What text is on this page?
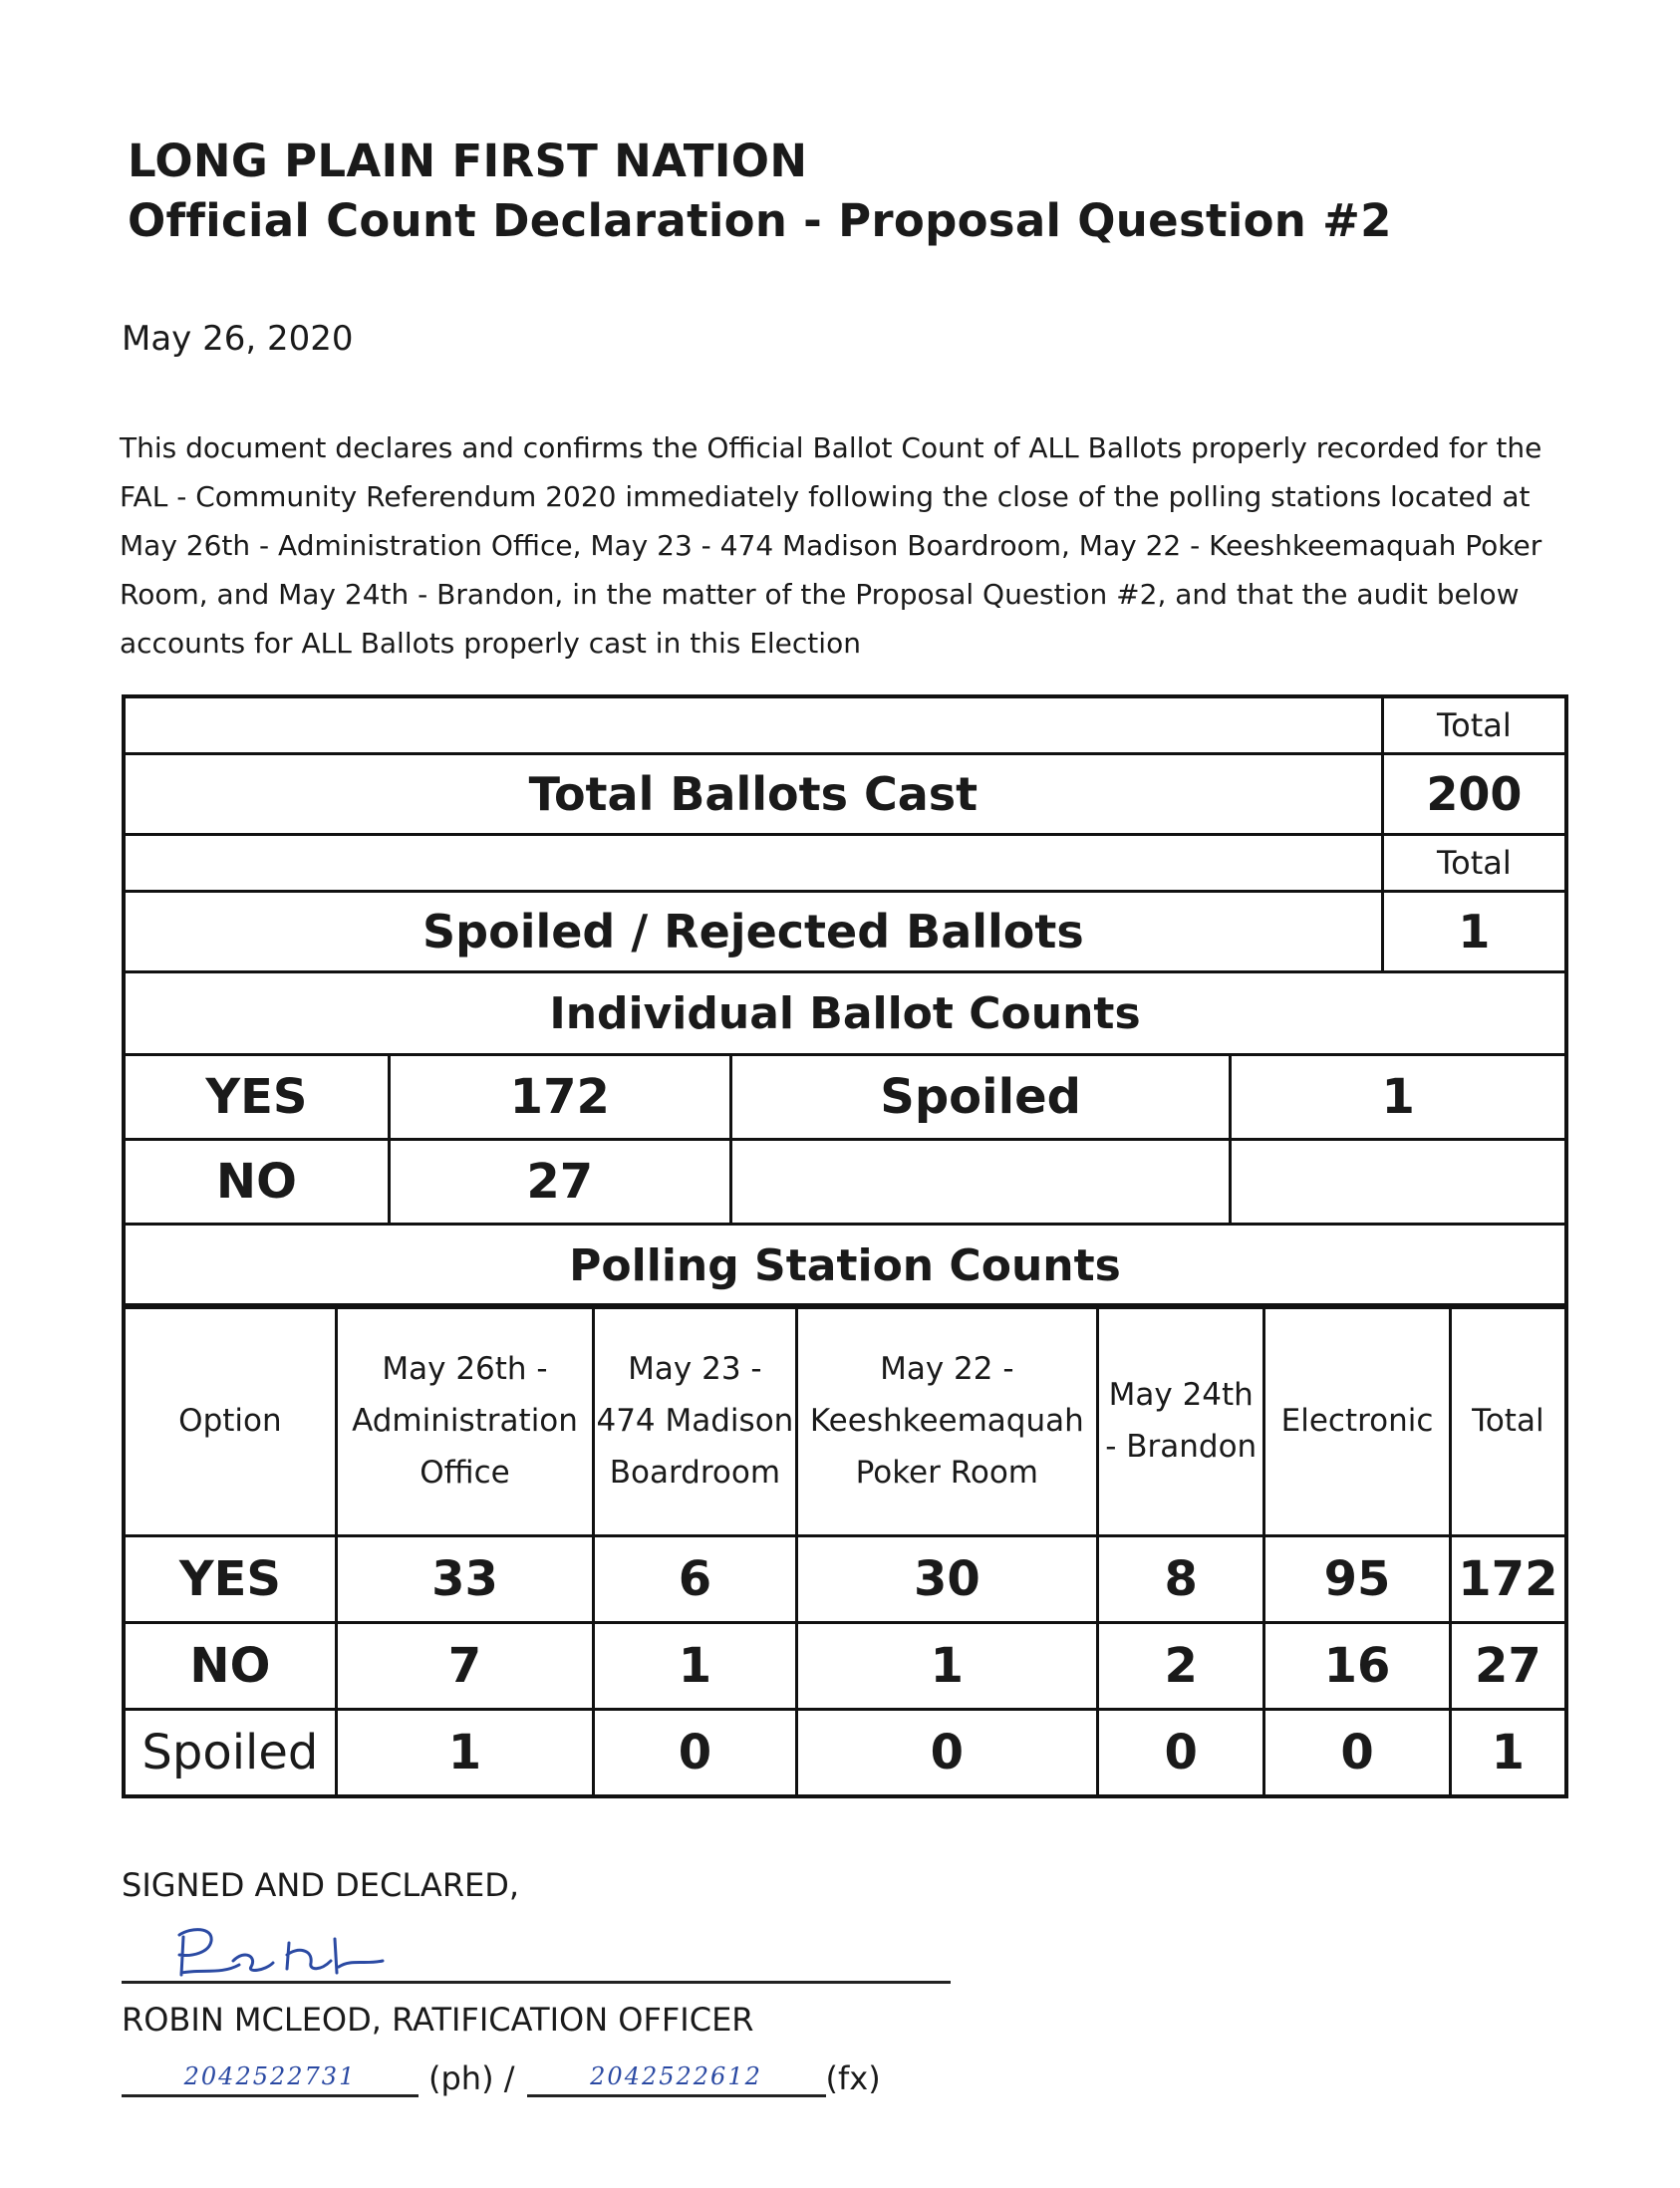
LONG PLAIN FIRST NATION

Official Count Declaration - Proposal Question #2

May 26, 2020

This document declares and confirms the Official Ballot Count of ALL Ballots properly recorded for the FAL - Community Referendum 2020 immediately following the close of the polling stations located at May 26th - Administration Office, May 23 - 474 Madison Boardroom, May 22 - Keeshkeemaquah Poker Room, and May 24th - Brandon, in the matter of the Proposal Question #2, and that the audit below accounts for ALL Ballots properly cast in this Election

				Total
Total Ballots Cast				200
				Total
Spoiled / Rejected Ballots				1
Individual Ballot Counts				
YES	172	Spoiled	1	
NO	27			
Polling Station Counts				
Option	May 26th - Administration Office	May 23 - 474 Madison Boardroom	May 22 - Keeshkeemaquah Poker Room	May 24th - Brandon	Electronic	Total
YES	33	6	30	8	95	172
NO	7	1	1	2	16	27
Spoiled	1	0	0	0	0	1
SIGNED AND DECLARED,
ROBIN MCLEOD, RATIFICATION OFFICER
2042522731	(ph) /	2042522612	(fx)
